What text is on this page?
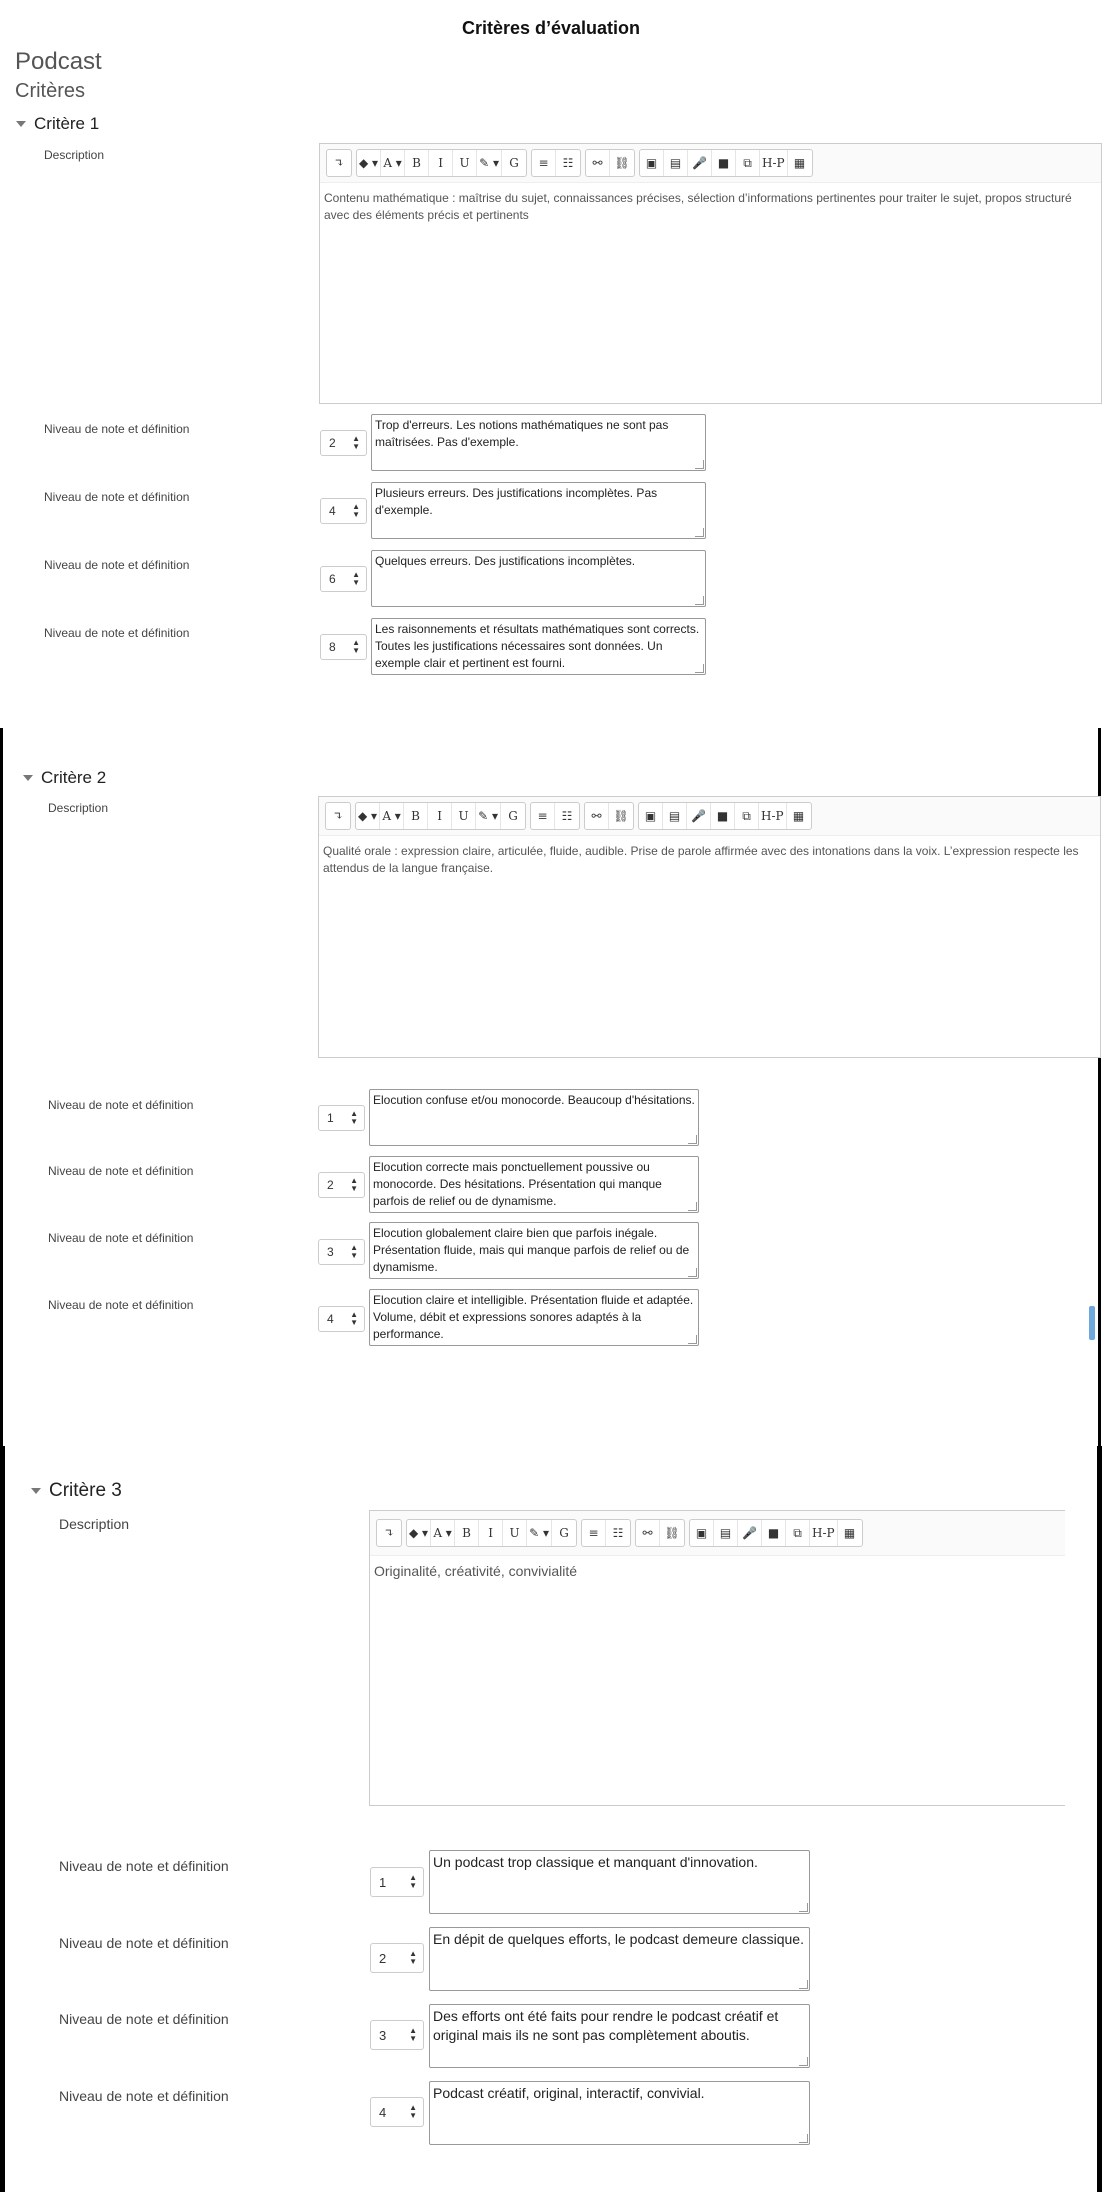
Critères d’évaluation
Podcast
Critères
Critère 1
Description
↴	◆ ▾ A ▾ B	I	U ✎ ▾ G	≡	☷	⚯ ⛓	▣	▤ 🎤 ■	⧉ H-P ▦
Contenu mathématique : maîtrise du sujet, connaissances précises, sélection d’informations pertinentes pour traiter le sujet, propos structuré avec des éléments précis et pertinents
Niveau de note et définition
2 ▲
▼
Trop d'erreurs. Les notions mathématiques ne sont pas maîtrisées. Pas d'exemple.
Niveau de note et définition
4 ▲
▼
Plusieurs erreurs. Des justifications incomplètes. Pas d'exemple.
Niveau de note et définition
6 ▲
▼
Quelques erreurs. Des justifications incomplètes.
Niveau de note et définition
8 ▲
▼
Les raisonnements et résultats mathématiques sont corrects. Toutes les justifications nécessaires sont données. Un exemple clair et pertinent est fourni.
Critère 2
Description
↴	◆ ▾ A ▾ B	I	U ✎ ▾ G	≡	☷	⚯ ⛓	▣	▤ 🎤 ■	⧉ H-P ▦
Qualité orale : expression claire, articulée, fluide, audible. Prise de parole affirmée avec des intonations dans la voix. L’expression respecte les attendus de la langue française.
Niveau de note et définition
1 ▲
▼
Elocution confuse et/ou monocorde. Beaucoup d'hésitations.
Niveau de note et définition
2 ▲
▼
Elocution correcte mais ponctuellement poussive ou monocorde. Des hésitations. Présentation qui manque parfois de relief ou de dynamisme.
Niveau de note et définition
3 ▲
▼
Elocution globalement claire bien que parfois inégale. Présentation fluide, mais qui manque parfois de relief ou de dynamisme.
Niveau de note et définition
4 ▲
▼
Elocution claire et intelligible. Présentation fluide et adaptée. Volume, débit et expressions sonores adaptés à la performance.
Critère 3
Description
↴	◆ ▾ A ▾ B	I	U ✎ ▾ G	≡	☷	⚯ ⛓	▣	▤ 🎤 ■	⧉ H-P ▦
Originalité, créativité, convivialité
Niveau de note et définition
1	▲
▼
Un podcast trop classique et manquant d'innovation.
Niveau de note et définition
2	▲
▼
En dépit de quelques efforts, le podcast demeure classique.
Niveau de note et définition
3	▲
▼
Des efforts ont été faits pour rendre le podcast créatif et original mais ils ne sont pas complètement aboutis.
Niveau de note et définition
4	▲
▼
Podcast créatif, original, interactif, convivial.
